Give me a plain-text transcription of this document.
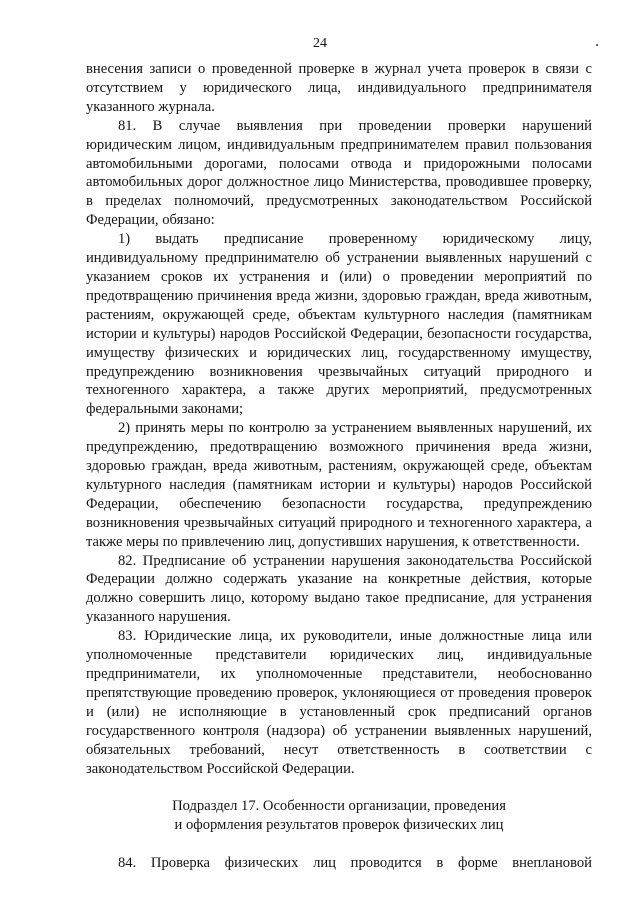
24

внесения записи о проведенной проверке в журнал учета проверок в связи с отсутствием у юридического лица, индивидуального предпринимателя указанного журнала.

81. В случае выявления при проведении проверки нарушений юридическим лицом, индивидуальным предпринимателем правил пользования автомобильными дорогами, полосами отвода и придорожными полосами автомобильных дорог должностное лицо Министерства, проводившее проверку, в пределах полномочий, предусмотренных законодательством Российской Федерации, обязано:

1) выдать предписание проверенному юридическому лицу, индивидуальному предпринимателю об устранении выявленных нарушений с указанием сроков их устранения и (или) о проведении мероприятий по предотвращению причинения вреда жизни, здоровью граждан, вреда животным, растениям, окружающей среде, объектам культурного наследия (памятникам истории и культуры) народов Российской Федерации, безопасности государства, имуществу физических и юридических лиц, государственному имуществу, предупреждению возникновения чрезвычайных ситуаций природного и техногенного характера, а также других мероприятий, предусмотренных федеральными законами;

2) принять меры по контролю за устранением выявленных нарушений, их предупреждению, предотвращению возможного причинения вреда жизни, здоровью граждан, вреда животным, растениям, окружающей среде, объектам культурного наследия (памятникам истории и культуры) народов Российской Федерации, обеспечению безопасности государства, предупреждению возникновения чрезвычайных ситуаций природного и техногенного характера, а также меры по привлечению лиц, допустивших нарушения, к ответственности.

82. Предписание об устранении нарушения законодательства Российской Федерации должно содержать указание на конкретные действия, которые должно совершить лицо, которому выдано такое предписание, для устранения указанного нарушения.

83. Юридические лица, их руководители, иные должностные лица или уполномоченные представители юридических лиц, индивидуальные предприниматели, их уполномоченные представители, необоснованно препятствующие проведению проверок, уклоняющиеся от проведения проверок и (или) не исполняющие в установленный срок предписаний органов государственного контроля (надзора) об устранении выявленных нарушений, обязательных требований, несут ответственность в соответствии с законодательством Российской Федерации.

Подраздел 17. Особенности организации, проведения
и оформления результатов проверок физических лиц

84. Проверка физических лиц проводится в форме внеплановой
